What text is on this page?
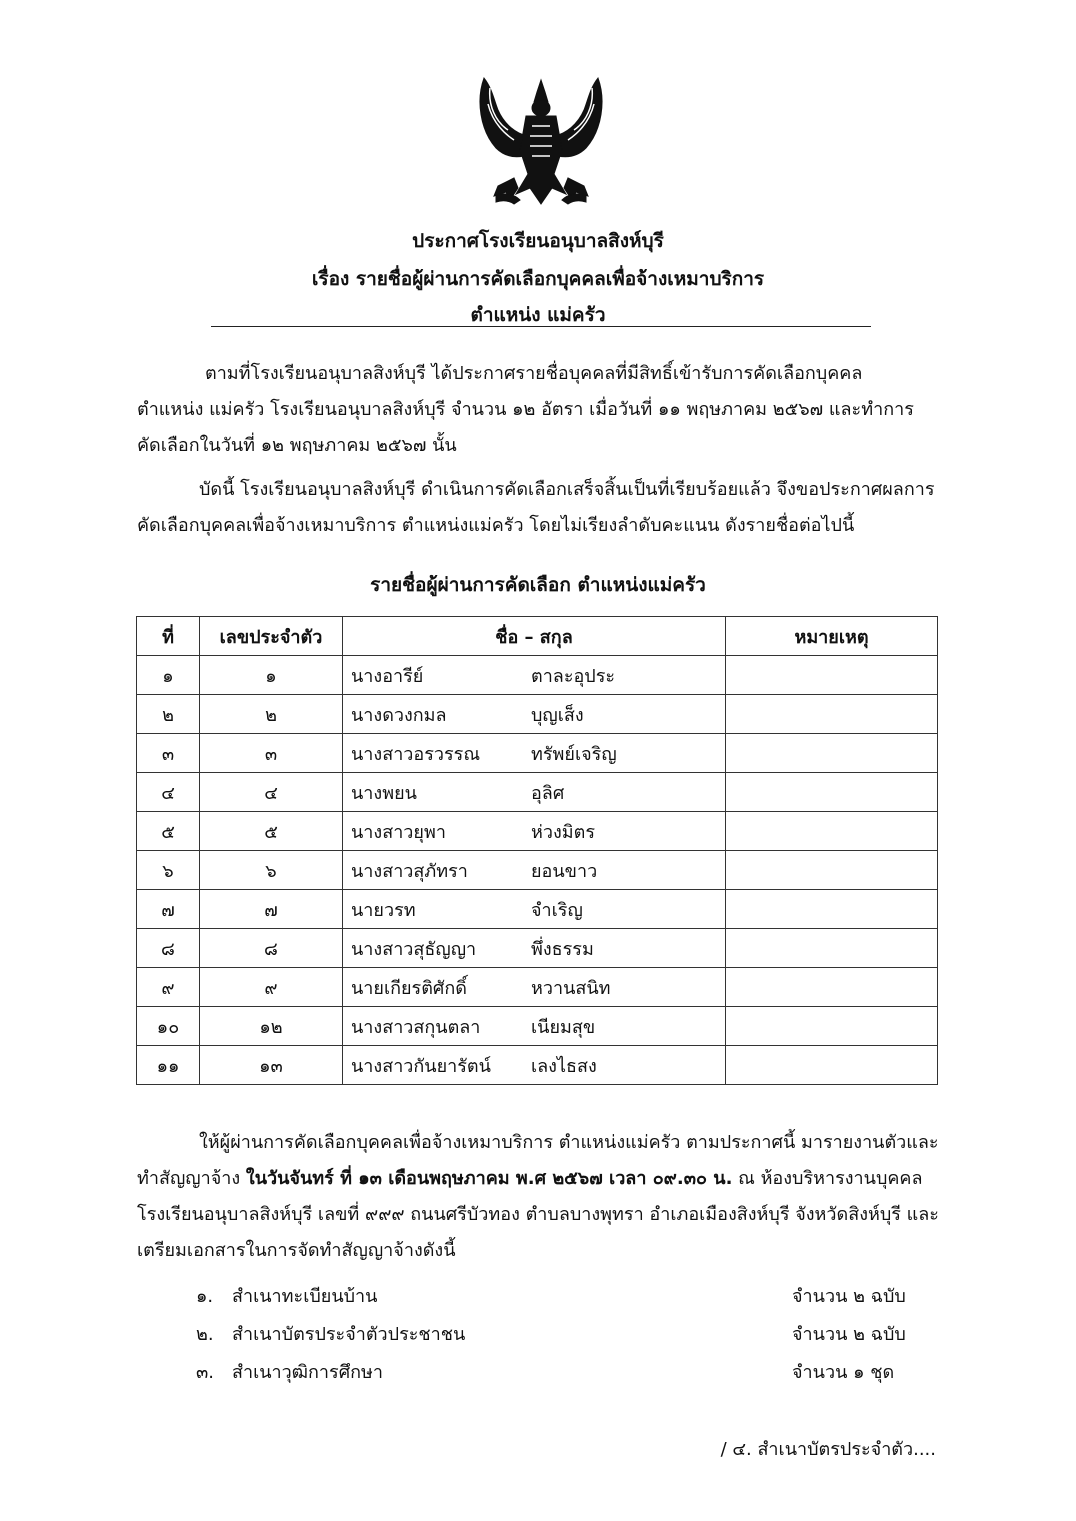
ประกาศโรงเรียนอนุบาลสิงห์บุรี
เรื่อง รายชื่อผู้ผ่านการคัดเลือกบุคคลเพื่อจ้างเหมาบริการ
ตำแหน่ง แม่ครัว
ตามที่โรงเรียนอนุบาลสิงห์บุรี ได้ประกาศรายชื่อบุคคลที่มีสิทธิ์เข้ารับการคัดเลือกบุคคล
ตำแหน่ง แม่ครัว โรงเรียนอนุบาลสิงห์บุรี จำนวน ๑๒ อัตรา เมื่อวันที่ ๑๑ พฤษภาคม ๒๕๖๗ และทำการ
คัดเลือกในวันที่ ๑๒ พฤษภาคม ๒๕๖๗ นั้น
บัดนี้ โรงเรียนอนุบาลสิงห์บุรี ดำเนินการคัดเลือกเสร็จสิ้นเป็นที่เรียบร้อยแล้ว จึงขอประกาศผลการ
คัดเลือกบุคคลเพื่อจ้างเหมาบริการ ตำแหน่งแม่ครัว โดยไม่เรียงลำดับคะแนน ดังรายชื่อต่อไปนี้
รายชื่อผู้ผ่านการคัดเลือก ตำแหน่งแม่ครัว
ที่	เลขประจำตัว	ชื่อ – สกุล	หมายเหตุ
๑	๑	นางอารีย์ ตาละอุประ	
๒	๒	นางดวงกมล บุญเส็ง	
๓	๓	นางสาวอรวรรณ ทรัพย์เจริญ	
๔	๔	นางพยน อุลิศ	
๕	๕	นางสาวยุพา ห่วงมิตร	
๖	๖	นางสาวสุภัทรา ยอนขาว	
๗	๗	นายวรท จำเริญ	
๘	๘	นางสาวสุธัญญา พึ่งธรรม	
๙	๙	นายเกียรติศักดิ์ หวานสนิท	
๑๐	๑๒	นางสาวสกุนตลา เนียมสุข	
๑๑	๑๓	นางสาวกันยารัตน์ เลงไธสง	
ให้ผู้ผ่านการคัดเลือกบุคคลเพื่อจ้างเหมาบริการ ตำแหน่งแม่ครัว ตามประกาศนี้ มารายงานตัวและ
ทำสัญญาจ้าง ในวันจันทร์ ที่ ๑๓ เดือนพฤษภาคม พ.ศ ๒๕๖๗ เวลา ๐๙.๓๐ น. ณ ห้องบริหารงานบุคคล
โรงเรียนอนุบาลสิงห์บุรี เลขที่ ๙๙๙ ถนนศรีบัวทอง ตำบลบางพุทรา อำเภอเมืองสิงห์บุรี จังหวัดสิงห์บุรี และ
เตรียมเอกสารในการจัดทำสัญญาจ้างดังนี้
๑. สำเนาทะเบียนบ้าน	จำนวน ๒ ฉบับ
๒. สำเนาบัตรประจำตัวประชาชน	จำนวน ๒ ฉบับ
๓. สำเนาวุฒิการศึกษา	จำนวน ๑ ชุด
/ ๔. สำเนาบัตรประจำตัว....
